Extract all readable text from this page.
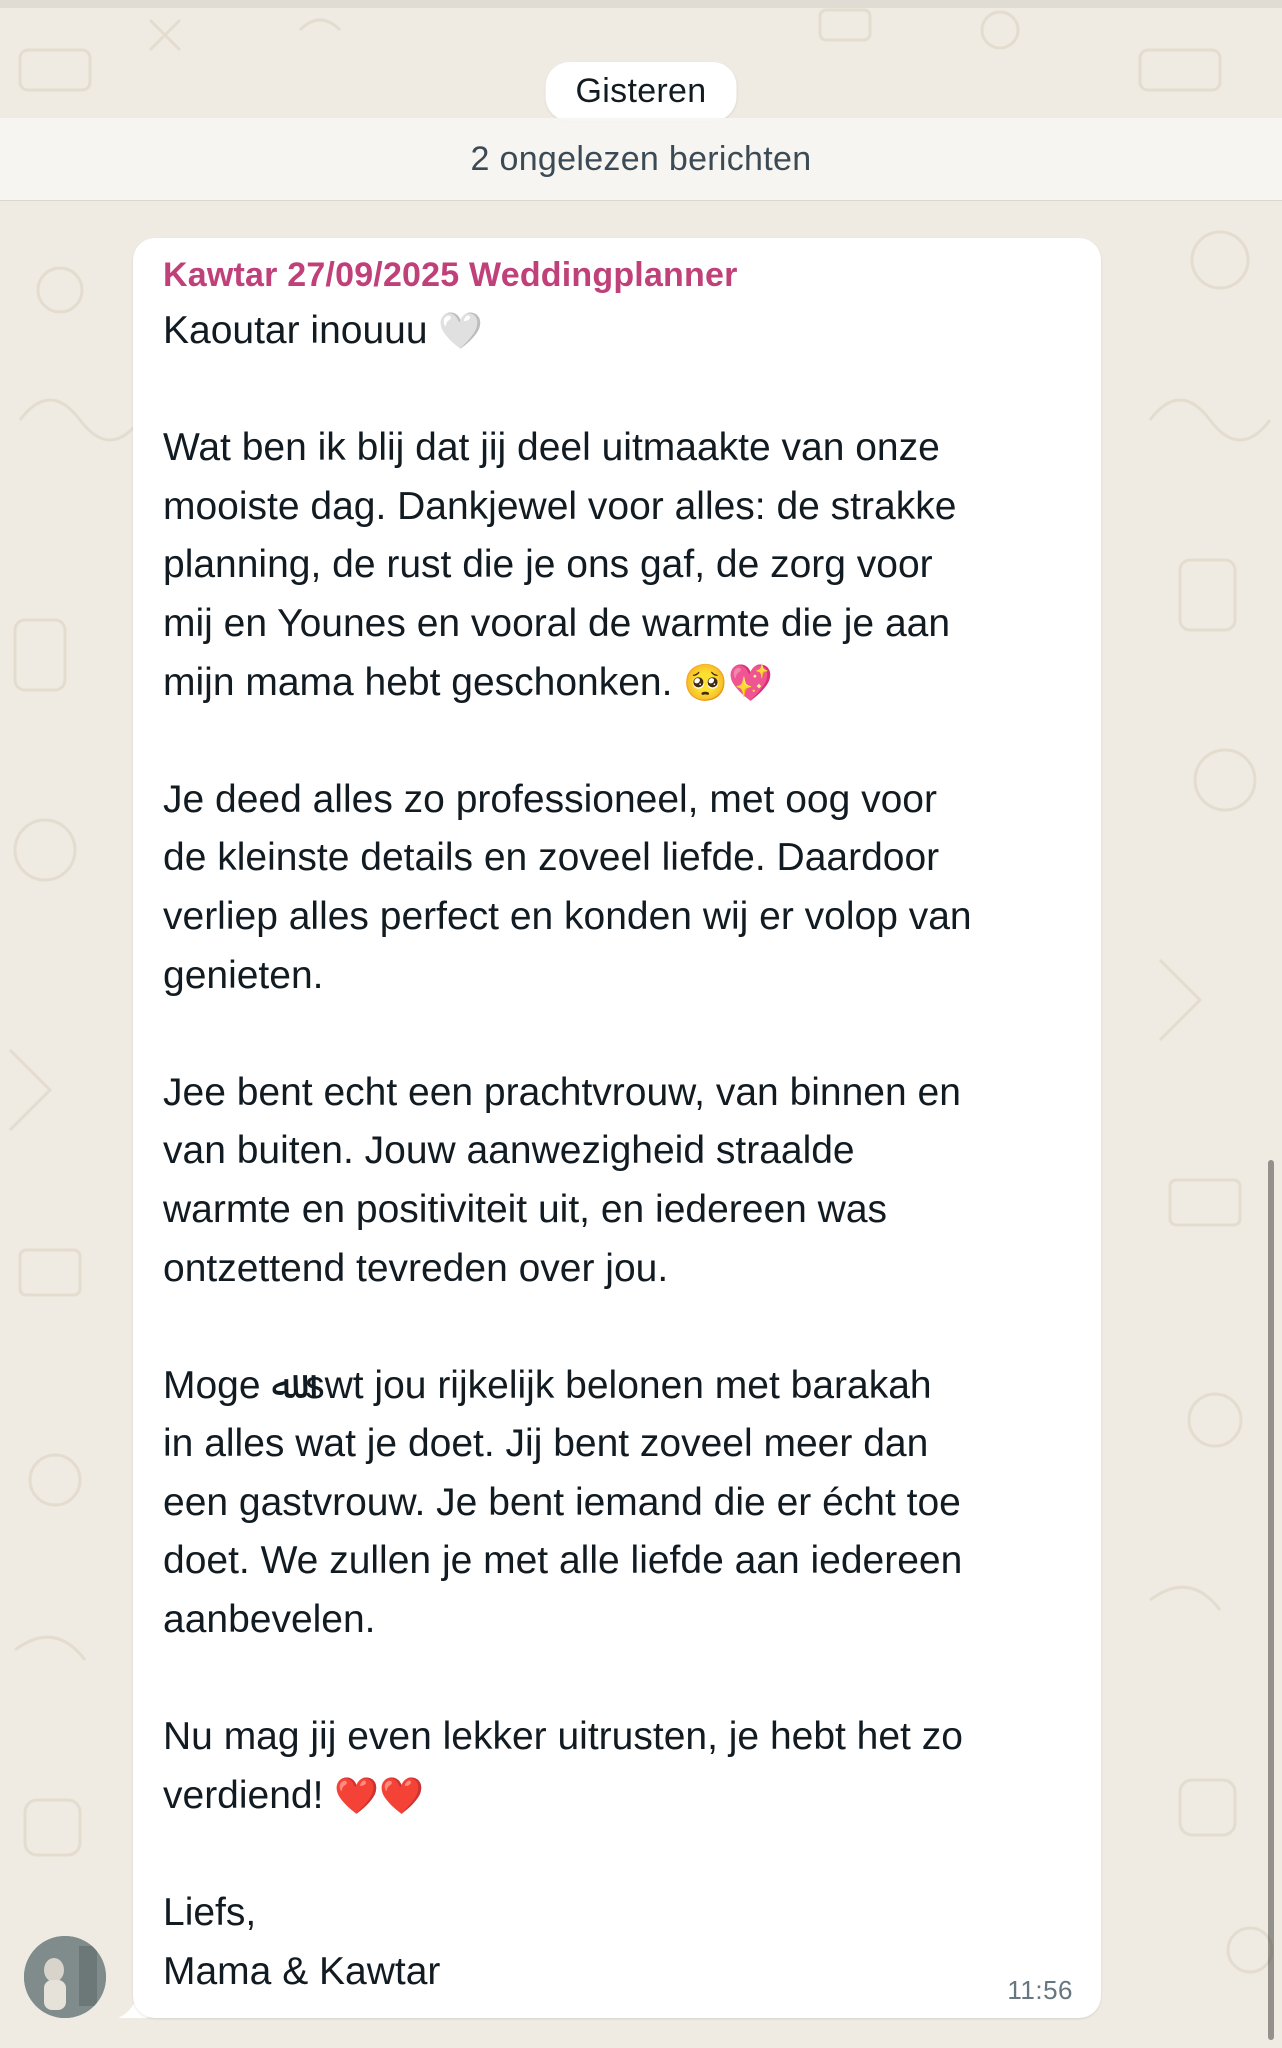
Gisteren
2 ongelezen berichten
Kawtar 27/09/2025 Weddingplanner
Kaoutar inouuu 🤍
Wat ben ik blij dat jij deel uitmaakte van onze
mooiste dag. Dankjewel voor alles: de strakke
planning, de rust die je ons gaf, de zorg voor
mij en Younes en vooral de warmte die je aan
mijn mama hebt geschonken. 🥺💖
Je deed alles zo professioneel, met oog voor
de kleinste details en zoveel liefde. Daardoor
verliep alles perfect en konden wij er volop van
genieten.
Jee bent echt een prachtvrouw, van binnen en
van buiten. Jouw aanwezigheid straalde
warmte en positiviteit uit, en iedereen was
ontzettend tevreden over jou.
Moge ﷲ swt jou rijkelijk belonen met barakah
in alles wat je doet. Jij bent zoveel meer dan
een gastvrouw. Je bent iemand die er écht toe
doet. We zullen je met alle liefde aan iedereen
aanbevelen.
Nu mag jij even lekker uitrusten, je hebt het zo
verdiend! ❤️❤️
Liefs,
Mama & Kawtar	11:56
